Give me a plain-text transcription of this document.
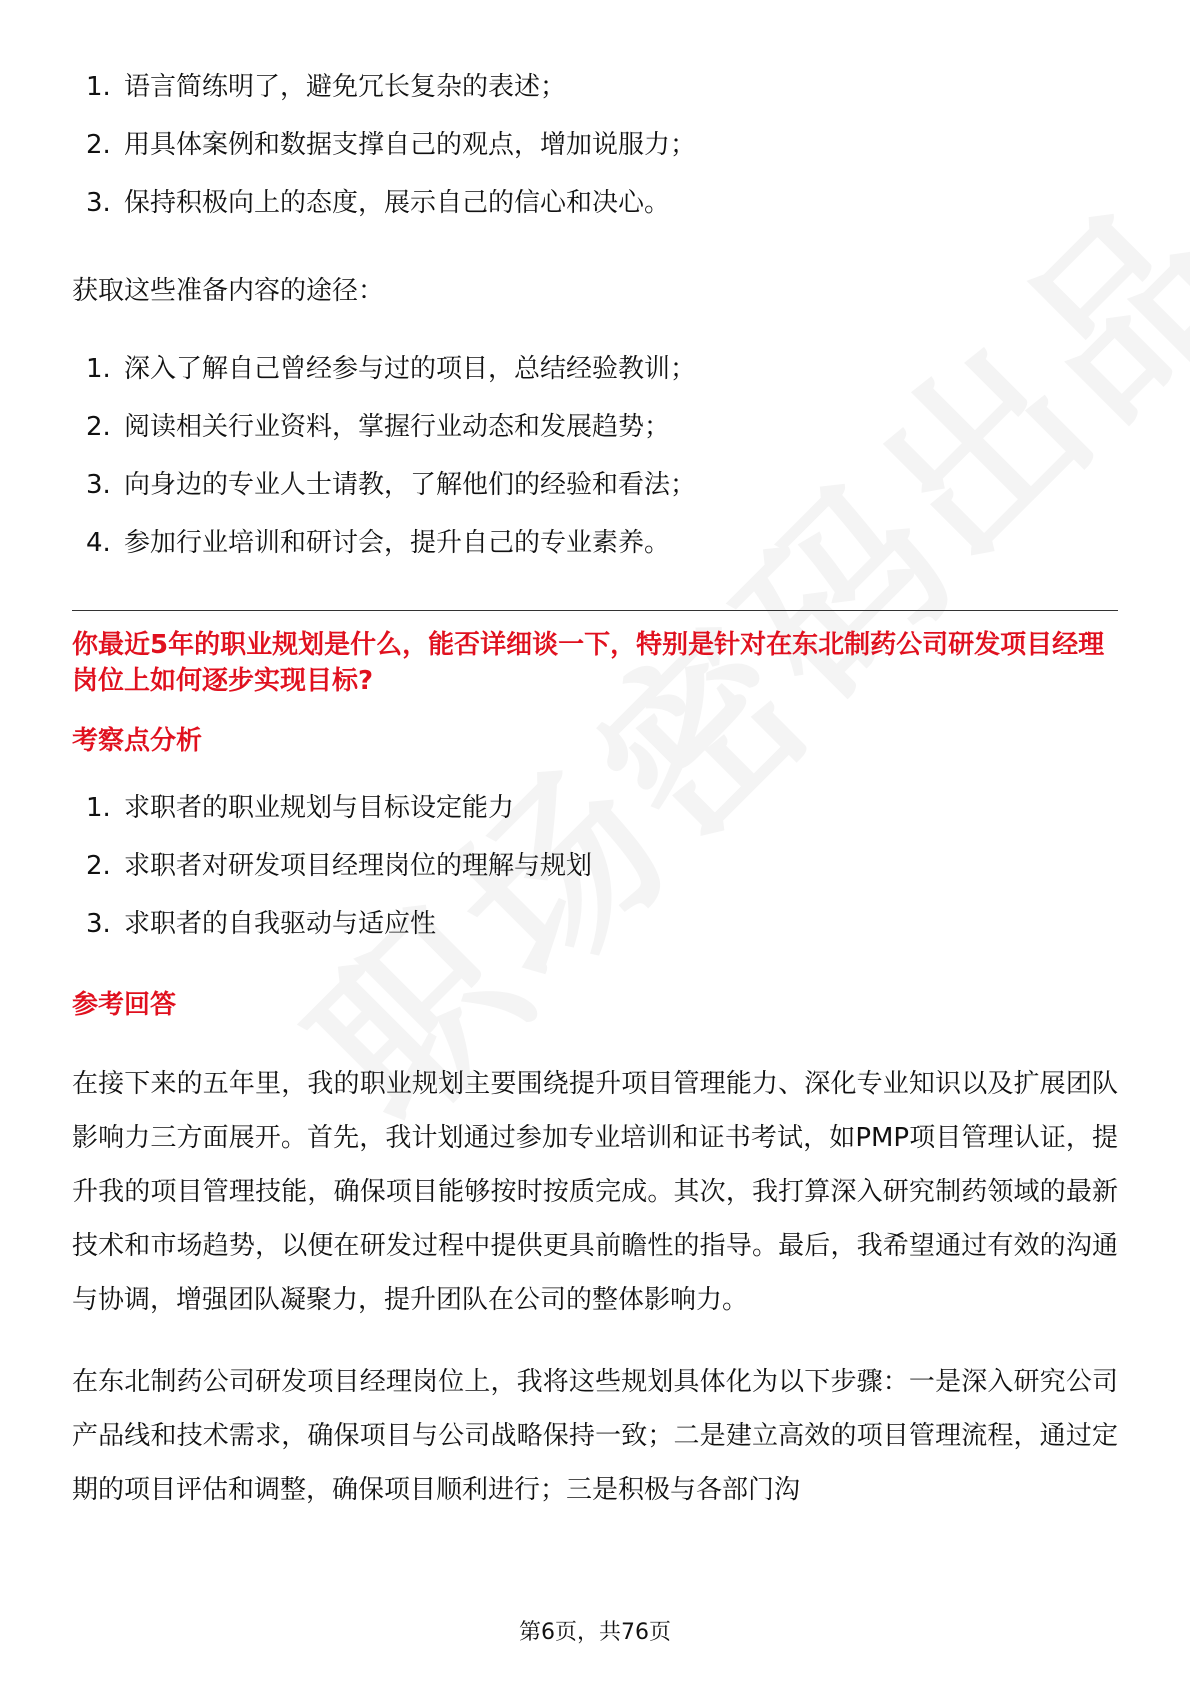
1. 语言简练明了，避免冗长复杂的表述；
2. 用具体案例和数据支撑自己的观点，增加说服力；
3. 保持积极向上的态度，展示自己的信心和决心。

获取这些准备内容的途径：

1. 深入了解自己曾经参与过的项目，总结经验教训；
2. 阅读相关行业资料，掌握行业动态和发展趋势；
3. 向身边的专业人士请教，了解他们的经验和看法；
4. 参加行业培训和研讨会，提升自己的专业素养。

你最近5年的职业规划是什么，能否详细谈一下，特别是针对在东北制药公司研发项目经理岗位上如何逐步实现目标?

考察点分析

1. 求职者的职业规划与目标设定能力
2. 求职者对研发项目经理岗位的理解与规划
3. 求职者的自我驱动与适应性

参考回答

在接下来的五年里，我的职业规划主要围绕提升项目管理能力、深化专业知识以及扩展团队影响力三方面展开。首先，我计划通过参加专业培训和证书考试，如PMP项目管理认证，提升我的项目管理技能，确保项目能够按时按质完成。其次，我打算深入研究制药领域的最新技术和市场趋势，以便在研发过程中提供更具前瞻性的指导。最后，我希望通过有效的沟通与协调，增强团队凝聚力，提升团队在公司的整体影响力。

在东北制药公司研发项目经理岗位上，我将这些规划具体化为以下步骤：一是深入研究公司产品线和技术需求，确保项目与公司战略保持一致；二是建立高效的项目管理流程，通过定期的项目评估和调整，确保项目顺利进行；三是积极与各部门沟

第6页，共76页
